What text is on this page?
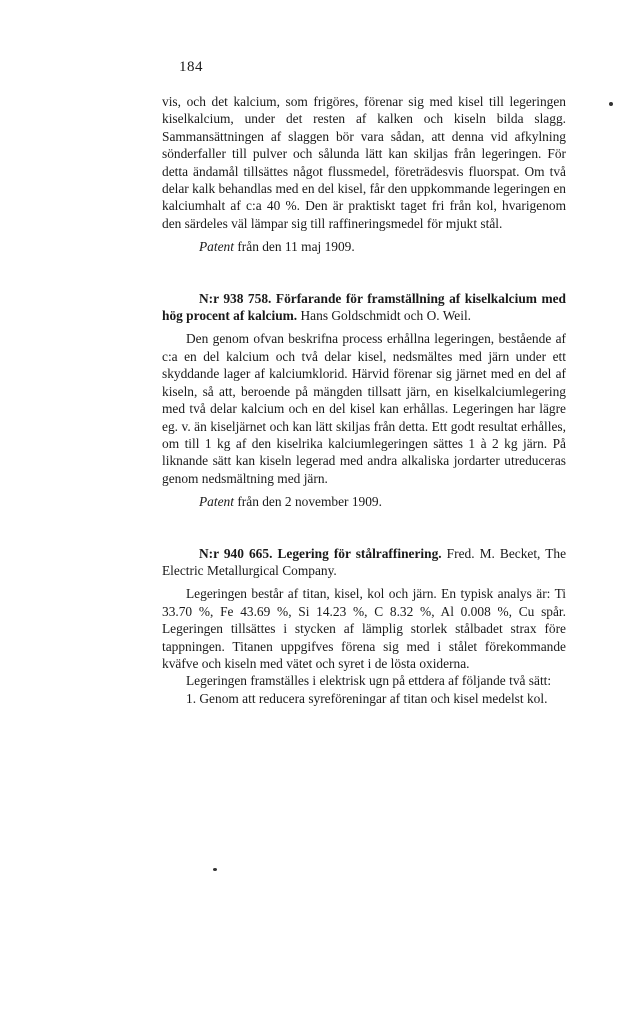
184

vis, och det kalcium, som frigöres, förenar sig med kisel till legeringen kiselkalcium, under det resten af kalken och kiseln bilda slagg. Sammansättningen af slaggen bör vara sådan, att denna vid afkylning sönderfaller till pulver och sålunda lätt kan skiljas från legeringen. För detta ändamål tillsättes något flussmedel, företrädesvis fluorspat. Om två delar kalk behandlas med en del kisel, får den uppkommande legeringen en kalciumhalt af c:a 40 %. Den är praktiskt taget fri från kol, hvarigenom den särdeles väl lämpar sig till raffineringsmedel för mjukt stål.

Patent från den 11 maj 1909.

N:r 938 758. Förfarande för framställning af kiselkalcium med hög procent af kalcium. Hans Goldschmidt och O. Weil.

Den genom ofvan beskrifna process erhållna legeringen, bestående af c:a en del kalcium och två delar kisel, nedsmältes med järn under ett skyddande lager af kalciumklorid. Härvid förenar sig järnet med en del af kiseln, så att, beroende på mängden tillsatt järn, en kiselkalciumlegering med två delar kalcium och en del kisel kan erhållas. Legeringen har lägre eg. v. än kiseljärnet och kan lätt skiljas från detta. Ett godt resultat erhålles, om till 1 kg af den kiselrika kalciumlegeringen sättes 1 à 2 kg järn. På liknande sätt kan kiseln legerad med andra alkaliska jordarter utreduceras genom nedsmältning med järn.

Patent från den 2 november 1909.

N:r 940 665. Legering för stålraffinering. Fred. M. Becket, The Electric Metallurgical Company.

Legeringen består af titan, kisel, kol och järn. En typisk analys är: Ti 33.70 %, Fe 43.69 %, Si 14.23 %, C 8.32 %, Al 0.008 %, Cu spår. Legeringen tillsättes i stycken af lämplig storlek stålbadet strax före tappningen. Titanen uppgifves förena sig med i stålet förekommande kväfve och kiseln med vätet och syret i de lösta oxiderna.

Legeringen framställes i elektrisk ugn på ettdera af följande två sätt:

1. Genom att reducera syreföreningar af titan och kisel medelst kol.
